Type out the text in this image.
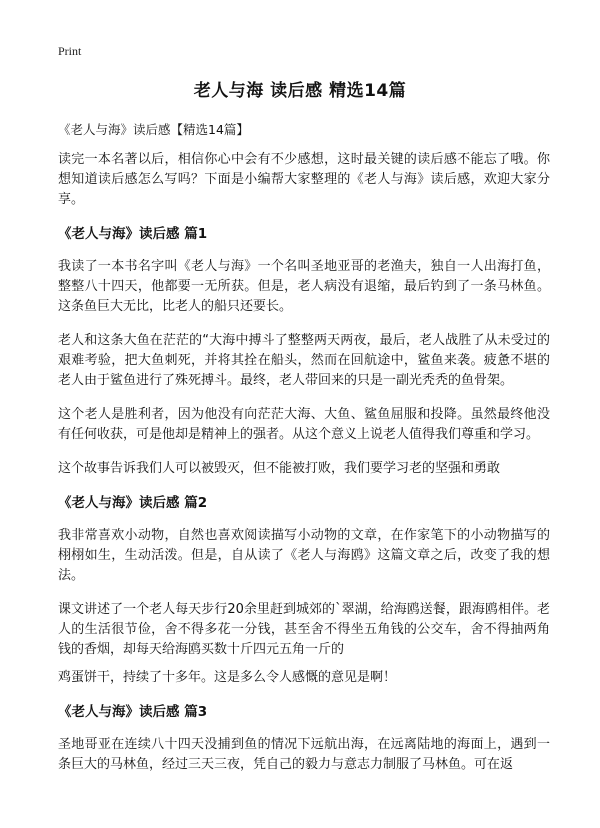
Print
老人与海 读后感 精选14篇
《老人与海》读后感【精选14篇】

读完一本名著以后，相信你心中会有不少感想，这时最关键的读后感不能忘了哦。你想知道读后感怎么写吗？下面是小编帮大家整理的《老人与海》读后感，欢迎大家分享。

《老人与海》读后感 篇1

我读了一本书名字叫《老人与海》一个名叫圣地亚哥的老渔夫，独自一人出海打鱼，整整八十四天，他都要一无所获。但是，老人病没有退缩，最后钓到了一条马林鱼。这条鱼巨大无比，比老人的船只还要长。

老人和这条大鱼在茫茫的“大海中搏斗了整整两天两夜，最后，老人战胜了从未受过的艰难考验，把大鱼刺死，并将其拴在船头，然而在回航途中，鲨鱼来袭。疲惫不堪的老人由于鲨鱼进行了殊死搏斗。最终，老人带回来的只是一副光秃秃的鱼骨架。

这个老人是胜利者，因为他没有向茫茫大海、大鱼、鲨鱼屈服和投降。虽然最终他没有任何收获，可是他却是精神上的强者。从这个意义上说老人值得我们尊重和学习。

这个故事告诉我们人可以被毁灭，但不能被打败，我们要学习老的坚强和勇敢

《老人与海》读后感 篇2

我非常喜欢小动物，自然也喜欢阅读描写小动物的文章，在作家笔下的小动物描写的栩栩如生，生动活泼。但是，自从读了《老人与海鸥》这篇文章之后，改变了我的想法。

课文讲述了一个老人每天步行20余里赶到城郊的`翠湖，给海鸥送餐，跟海鸥相伴。老人的生活很节俭，舍不得多花一分钱，甚至舍不得坐五角钱的公交车，舍不得抽两角钱的香烟，却每天给海鸥买数十斤四元五角一斤的

鸡蛋饼干，持续了十多年。这是多么令人感慨的意见是啊！

《老人与海》读后感 篇3

圣地哥亚在连续八十四天没捕到鱼的情况下远航出海，在远离陆地的海面上，遇到一条巨大的马林鱼，经过三天三夜，凭自己的毅力与意志力制服了马林鱼。可在返
